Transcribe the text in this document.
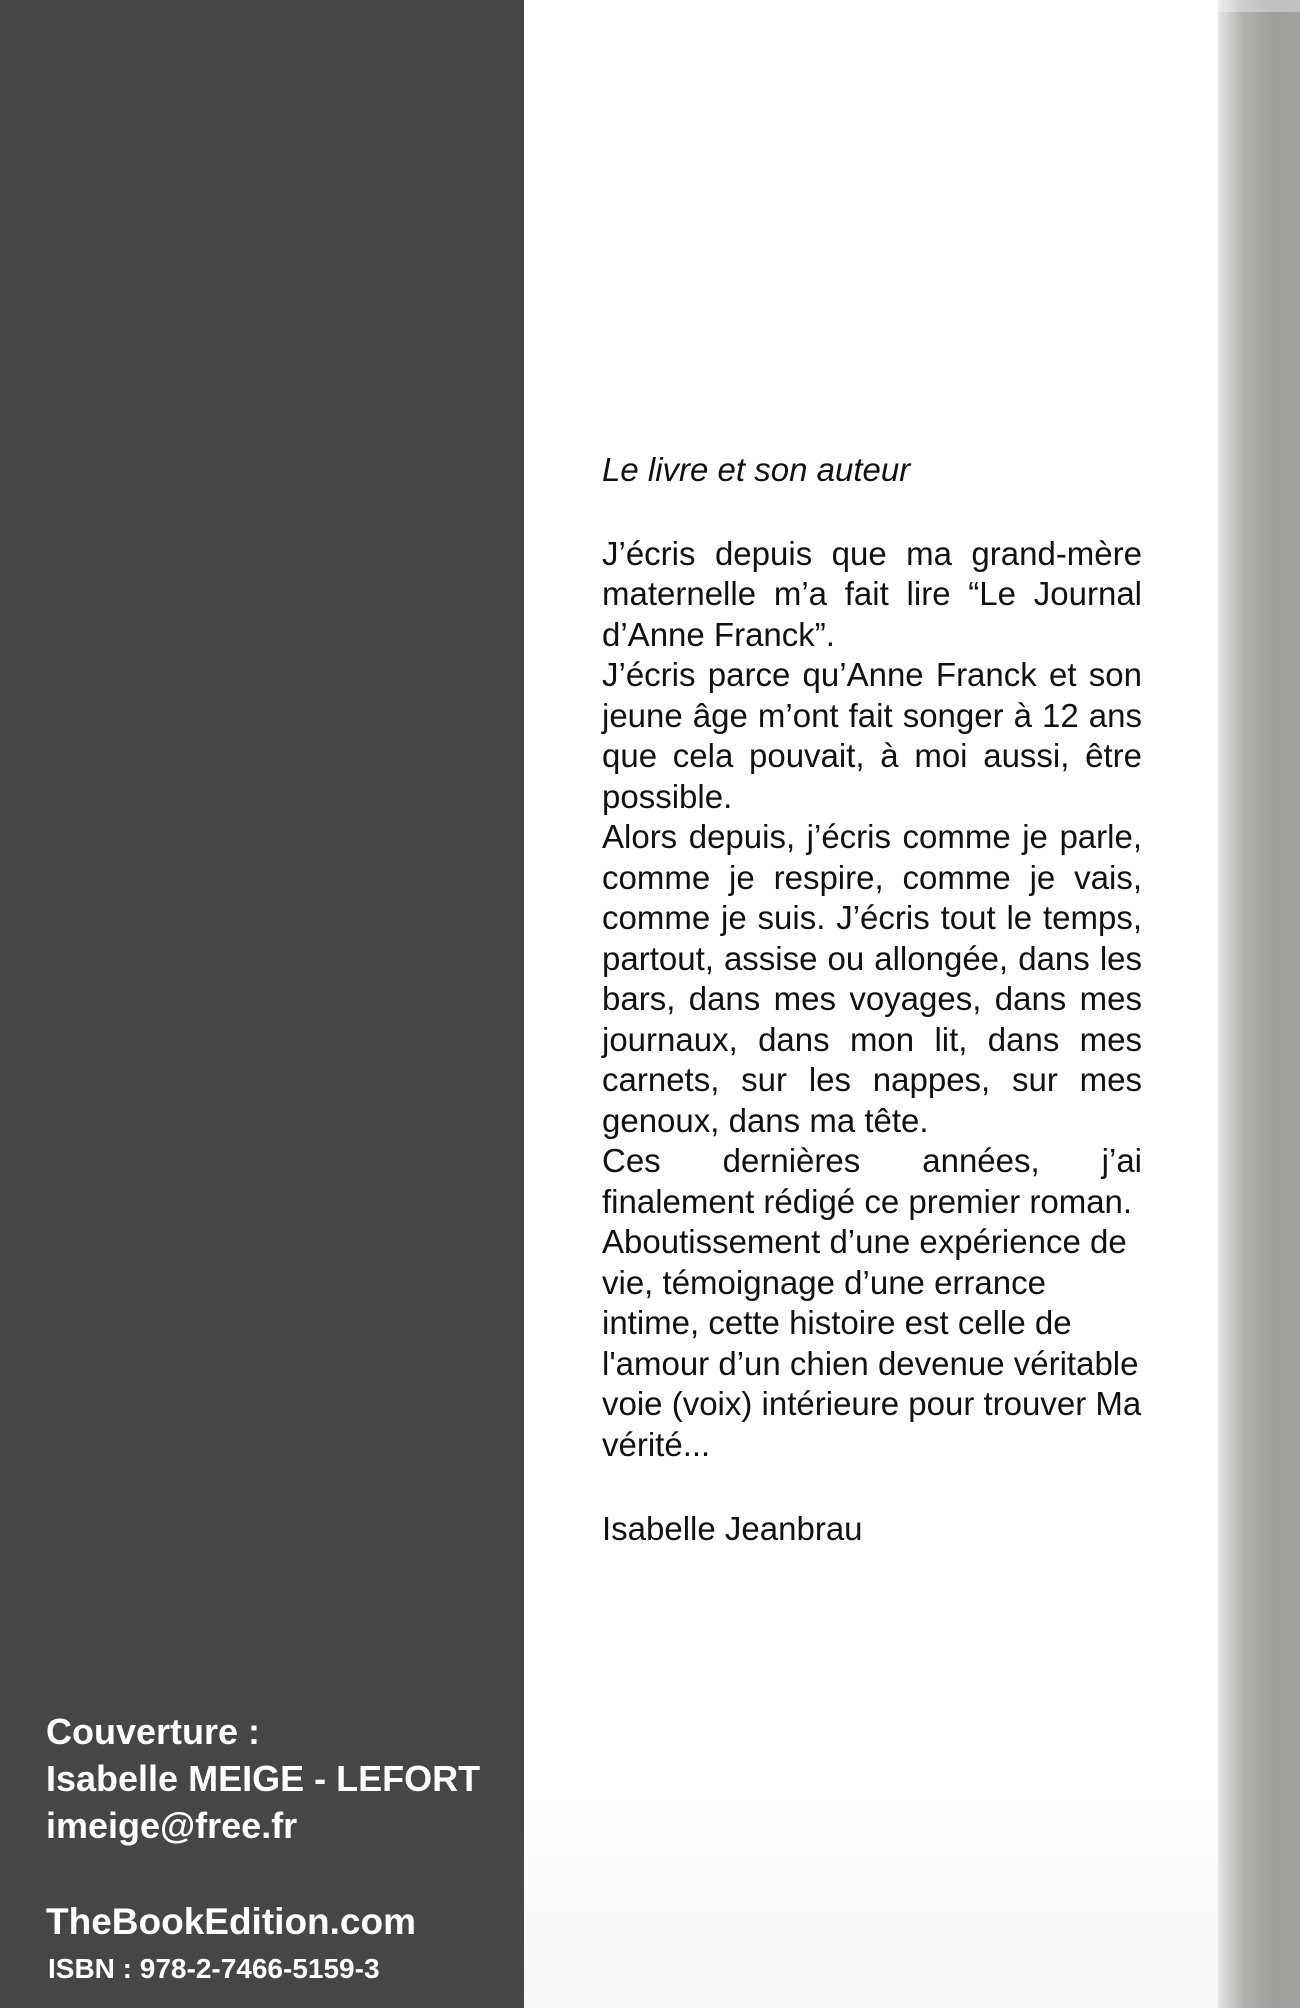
Le livre et son auteur

J’écris depuis que ma grand-mère maternelle m’a fait lire “Le Journal d’Anne Franck”.

J’écris parce qu’Anne Franck et son jeune âge m’ont fait songer à 12 ans que cela pouvait, à moi aussi, être possible.

Alors depuis, j’écris comme je parle, comme je respire, comme je vais, comme je suis. J’écris tout le temps, partout, assise ou allongée, dans les bars, dans mes voyages, dans mes journaux, dans mon lit, dans mes carnets, sur les nappes, sur mes genoux, dans ma tête.

Ces dernières années, j’ai finalement rédigé ce premier roman.

Aboutissement d’une expérience de vie, témoignage d’une errance intime, cette histoire est celle de l'amour d’un chien devenue véritable voie (voix) intérieure pour trouver Ma vérité...

Isabelle Jeanbrau

Couverture :
Isabelle MEIGE - LEFORT
imeige@free.fr
TheBookEdition.com
ISBN : 978-2-7466-5159-3
